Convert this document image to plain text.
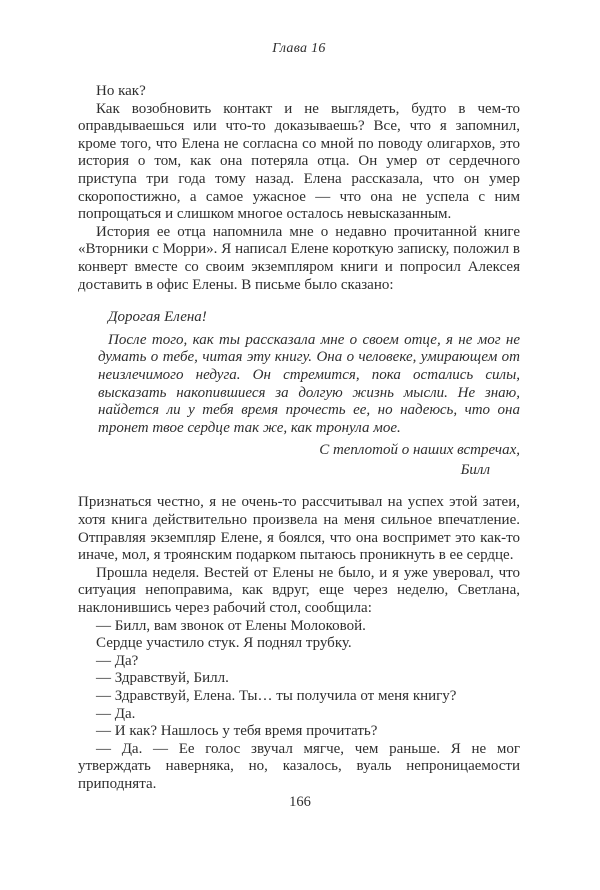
Глава 16

Но как?

Как возобновить контакт и не выглядеть, будто в чем-то оправдываешься или что-то доказываешь? Все, что я запомнил, кроме того, что Елена не согласна со мной по поводу олигархов, это история о том, как она потеряла отца. Он умер от сердечного приступа три года тому назад. Елена рассказала, что он умер скоропостижно, а самое ужасное — что она не успела с ним попрощаться и слишком многое осталось невысказанным.

История ее отца напомнила мне о недавно прочитанной книге «Вторники с Морри». Я написал Елене короткую записку, положил в конверт вместе со своим экземпляром книги и попросил Алексея доставить в офис Елены. В письме было сказано:

Дорогая Елена!

После того, как ты рассказала мне о своем отце, я не мог не думать о тебе, читая эту книгу. Она о человеке, умирающем от неизлечимого недуга. Он стремится, пока остались силы, высказать накопившиеся за долгую жизнь мысли. Не знаю, найдется ли у тебя время прочесть ее, но надеюсь, что она тронет твое сердце так же, как тронула мое.

С теплотой о наших встречах,

Билл

Признаться честно, я не очень-то рассчитывал на успех этой затеи, хотя книга действительно произвела на меня сильное впечатление. Отправляя экземпляр Елене, я боялся, что она воспримет это как-то иначе, мол, я троянским подарком пытаюсь проникнуть в ее сердце.

Прошла неделя. Вестей от Елены не было, и я уже уверовал, что ситуация непоправима, как вдруг, еще через неделю, Светлана, наклонившись через рабочий стол, сообщила:

— Билл, вам звонок от Елены Молоковой.

Сердце участило стук. Я поднял трубку.

— Да?

— Здравствуй, Билл.

— Здравствуй, Елена. Ты… ты получила от меня книгу?

— Да.

— И как? Нашлось у тебя время прочитать?

— Да. — Ее голос звучал мягче, чем раньше. Я не мог утверждать наверняка, но, казалось, вуаль непроницаемости приподнята.

166
